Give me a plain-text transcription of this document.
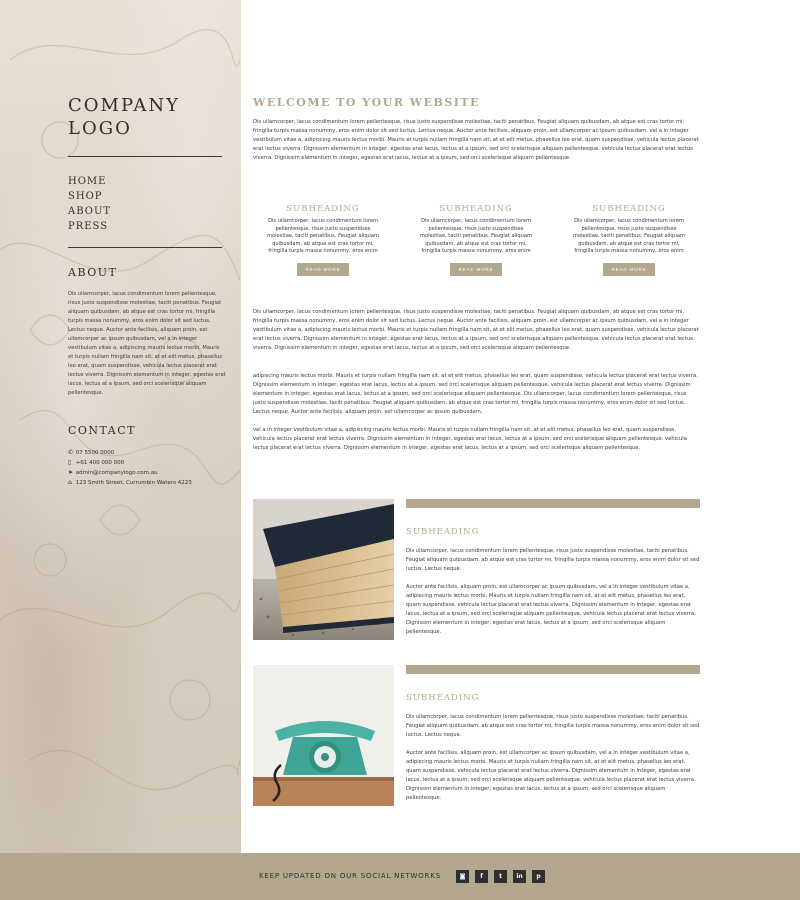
COMPANY
LOGO
HOME
SHOP
ABOUT
PRESS
ABOUT

Dis ullamcorper, lacus condimentum lorem pellentesque, risus justo suspendisse molestiae, taciti penatibus. Feugiat aliquam quibusdam, ab atque est cras tortor mi, fringilla turpis massa nonummy, eros enim dolor sit sed luctus. Lectus neque. Auctor ante facilisis, aliquam proin, est ullamcorper ac ipsum quibusdam, vel a in integer vestibulum vitae a, adipiscing mauris lectus morbi. Mauris et turpis nullam fringilla nam sit, at et elit metus, phasellus leo erat, quam suspendisse, vehicula lectus placerat erat lectus viverra. Dignissim elementum in integer, egestas erat lacus, lectus at a ipsum, sed orci scelerisque aliquam pellentesque.

CONTACT
✆ 07 5500 0000
▯ +61 400 000 000
➤ admin@companylogo.com.au
⌂ 123 Smith Street, Currumbin Waters 4223
WELCOME TO YOUR WEBSITE

Dis ullamcorper, lacus condimentum lorem pellentesque, risus justo suspendisse molestiae, taciti penatibus. Feugiat aliquam quibusdam, ab atque est cras tortor mi, fringilla turpis massa nonummy, eros enim dolor sit sed luctus. Lectus neque. Auctor ante facilisis, aliquam proin, est ullamcorper ac ipsum quibusdam, vel a in integer vestibulum vitae a, adipiscing mauris lectus morbi. Mauris et turpis nullam fringilla nam sit, at et elit metus, phasellus leo erat, quam suspendisse, vehicula lectus placerat erat lectus viverra. Dignissim elementum in integer, egestas erat lacus, lectus at a ipsum, sed orci scelerisque aliquam pellentesque. vehicula lectus placerat erat lectus viverra. Dignissim elementum in integer, egestas erat lacus, lectus at a ipsum, sed orci scelerisque aliquam pellentesque.

SUBHEADING
Dis ullamcorper, lacus condimentum lorem pellentesque, risus justo suspendisse molestiae, taciti penatibus. Feugiat aliquam quibusdam, ab atque est cras tortor mi, fringilla turpis massa nonummy, eros enim
READ MORE
SUBHEADING
Dis ullamcorper, lacus condimentum lorem pellentesque, risus justo suspendisse molestiae, taciti penatibus. Feugiat aliquam quibusdam, ab atque est cras tortor mi, fringilla turpis massa nonummy, eros enim
READ MORE
SUBHEADING
Dis ullamcorper, lacus condimentum lorem pellentesque, risus justo suspendisse molestiae, taciti penatibus. Feugiat aliquam quibusdam, ab atque est cras tortor mi, fringilla turpis massa nonummy, eros enim
READ MORE

Dis ullamcorper, lacus condimentum lorem pellentesque, risus justo suspendisse molestiae, taciti penatibus. Feugiat aliquam quibusdam, ab atque est cras tortor mi, fringilla turpis massa nonummy, eros enim dolor sit sed luctus. Lectus neque. Auctor ante facilisis, aliquam proin, est ullamcorper ac ipsum quibusdam, vel a in integer vestibulum vitae a, adipiscing mauris lectus morbi. Mauris et turpis nullam fringilla nam sit, at et elit metus, phasellus leo erat, quam suspendisse, vehicula lectus placerat erat lectus viverra. Dignissim elementum in integer, egestas erat lacus, lectus at a ipsum, sed orci scelerisque aliquam pellentesque. vehicula lectus placerat erat lectus viverra. Dignissim elementum in integer, egestas erat lacus, lectus at a ipsum, sed orci scelerisque aliquam pellentesque.

adipiscing mauris lectus morbi. Mauris et turpis nullam fringilla nam sit, at et elit metus, phasellus leo erat, quam suspendisse, vehicula lectus placerat erat lectus viverra. Dignissim elementum in integer, egestas erat lacus, lectus at a ipsum, sed orci scelerisque aliquam pellentesque. vehicula lectus placerat erat lectus viverra. Dignissim elementum in integer, egestas erat lacus, lectus at a ipsum, sed orci scelerisque aliquam pellentesque. Dis ullamcorper, lacus condimentum lorem pellentesque, risus justo suspendisse molestiae, taciti penatibus. Feugiat aliquam quibusdam, ab atque est cras tortor mi, fringilla turpis massa nonummy, eros enim dolor sit sed luctus. Lectus neque. Auctor ante facilisis, aliquam proin, est ullamcorper ac ipsum quibusdam,

vel a in integer vestibulum vitae a, adipiscing mauris lectus morbi. Mauris et turpis nullam fringilla nam sit, at et elit metus, phasellus leo erat, quam suspendisse, vehicula lectus placerat erat lectus viverra. Dignissim elementum in integer, egestas erat lacus, lectus at a ipsum, sed orci scelerisque aliquam pellentesque. vehicula lectus placerat erat lectus viverra. Dignissim elementum in integer, egestas erat lacus, lectus at a ipsum, sed orci scelerisque aliquam pellentesque.

SUBHEADING

Dis ullamcorper, lacus condimentum lorem pellentesque, risus justo suspendisse molestiae, taciti penatibus. Feugiat aliquam quibusdam, ab atque est cras tortor mi, fringilla turpis massa nonummy, eros enim dolor sit sed luctus. Lectus neque.

Auctor ante facilisis, aliquam proin, est ullamcorper ac ipsum quibusdam, vel a in integer vestibulum vitae a, adipiscing mauris lectus morbi. Mauris et turpis nullam fringilla nam sit, at et elit metus, phasellus leo erat, quam suspendisse, vehicula lectus placerat erat lectus viverra. Dignissim elementum in integer, egestas erat lacus, lectus at a ipsum, sed orci scelerisque aliquam pellentesque. vehicula lectus placerat erat lectus viverra. Dignissim elementum in integer, egestas erat lacus, lectus at a ipsum, sed orci scelerisque aliquam pellentesque.

SUBHEADING

Dis ullamcorper, lacus condimentum lorem pellentesque, risus justo suspendisse molestiae, taciti penatibus. Feugiat aliquam quibusdam, ab atque est cras tortor mi, fringilla turpis massa nonummy, eros enim dolor sit sed luctus. Lectus neque.

Auctor ante facilisis, aliquam proin, est ullamcorper ac ipsum quibusdam, vel a in integer vestibulum vitae a, adipiscing mauris lectus morbi. Mauris et turpis nullam fringilla nam sit, at et elit metus, phasellus leo erat, quam suspendisse, vehicula lectus placerat erat lectus viverra. Dignissim elementum in integer, egestas erat lacus, lectus at a ipsum, sed orci scelerisque aliquam pellentesque. vehicula lectus placerat erat lectus viverra. Dignissim elementum in integer, egestas erat lacus, lectus at a ipsum, sed orci scelerisque aliquam pellentesque.

KEEP UPDATED ON OUR SOCIAL NETWORKS	◙	f	t	in	p
